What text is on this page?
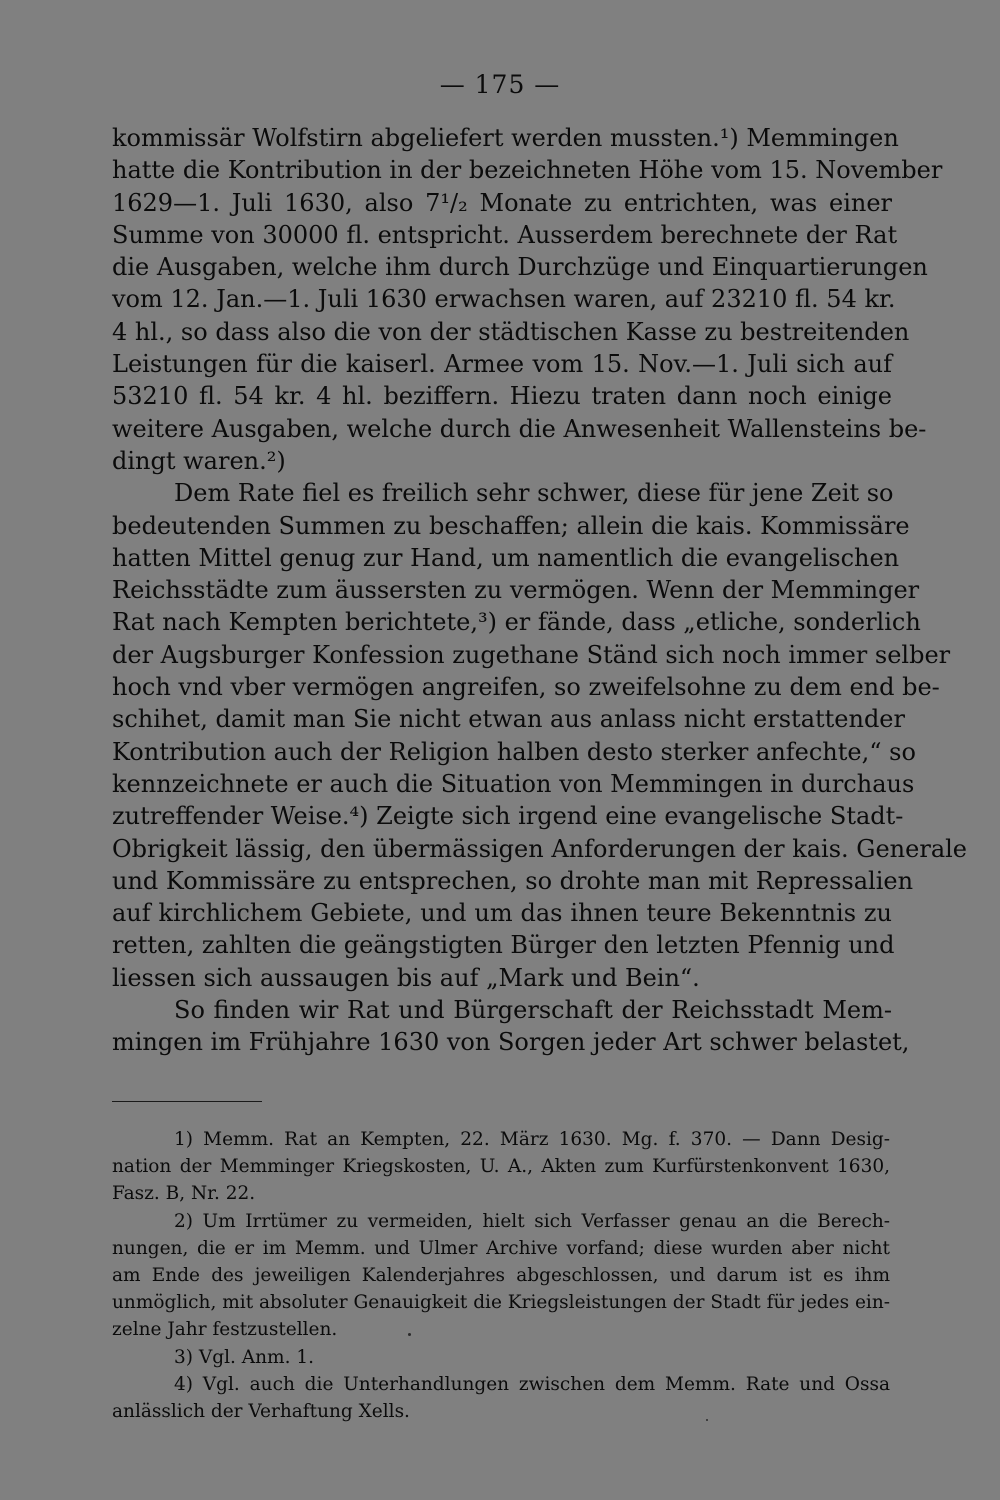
— 175 —
kommissär Wolfstirn abgeliefert werden mussten.¹) Memmingen
hatte die Kontribution in der bezeichneten Höhe vom 15. November
1629—1. Juli 1630, also 7¹/₂ Monate zu entrichten, was einer
Summe von 30000 fl. entspricht. Ausserdem berechnete der Rat
die Ausgaben, welche ihm durch Durchzüge und Einquartierungen
vom 12. Jan.—1. Juli 1630 erwachsen waren, auf 23210 fl. 54 kr.
4 hl., so dass also die von der städtischen Kasse zu bestreitenden
Leistungen für die kaiserl. Armee vom 15. Nov.—1. Juli sich auf
53210 fl. 54 kr. 4 hl. beziffern. Hiezu traten dann noch einige
weitere Ausgaben, welche durch die Anwesenheit Wallensteins be-
dingt waren.²)
Dem Rate fiel es freilich sehr schwer, diese für jene Zeit so
bedeutenden Summen zu beschaffen; allein die kais. Kommissäre
hatten Mittel genug zur Hand, um namentlich die evangelischen
Reichsstädte zum äussersten zu vermögen. Wenn der Memminger
Rat nach Kempten berichtete,³) er fände, dass „etliche, sonderlich
der Augsburger Konfession zugethane Ständ sich noch immer selber
hoch vnd vber vermögen angreifen, so zweifelsohne zu dem end be-
schihet, damit man Sie nicht etwan aus anlass nicht erstattender
Kontribution auch der Religion halben desto sterker anfechte,“ so
kennzeichnete er auch die Situation von Memmingen in durchaus
zutreffender Weise.⁴) Zeigte sich irgend eine evangelische Stadt-
Obrigkeit lässig, den übermässigen Anforderungen der kais. Generale
und Kommissäre zu entsprechen, so drohte man mit Repressalien
auf kirchlichem Gebiete, und um das ihnen teure Bekenntnis zu
retten, zahlten die geängstigten Bürger den letzten Pfennig und
liessen sich aussaugen bis auf „Mark und Bein“.
So finden wir Rat und Bürgerschaft der Reichsstadt Mem-
mingen im Frühjahre 1630 von Sorgen jeder Art schwer belastet,
1) Memm. Rat an Kempten, 22. März 1630. Mg. f. 370. — Dann Desig-
nation der Memminger Kriegskosten, U. A., Akten zum Kurfürstenkonvent 1630,
Fasz. B, Nr. 22.
2) Um Irrtümer zu vermeiden, hielt sich Verfasser genau an die Berech-
nungen, die er im Memm. und Ulmer Archive vorfand; diese wurden aber nicht
am Ende des jeweiligen Kalenderjahres abgeschlossen, und darum ist es ihm
unmöglich, mit absoluter Genauigkeit die Kriegsleistungen der Stadt für jedes ein-
zelne Jahr festzustellen.
3) Vgl. Anm. 1.
4) Vgl. auch die Unterhandlungen zwischen dem Memm. Rate und Ossa
anlässlich der Verhaftung Xells.
